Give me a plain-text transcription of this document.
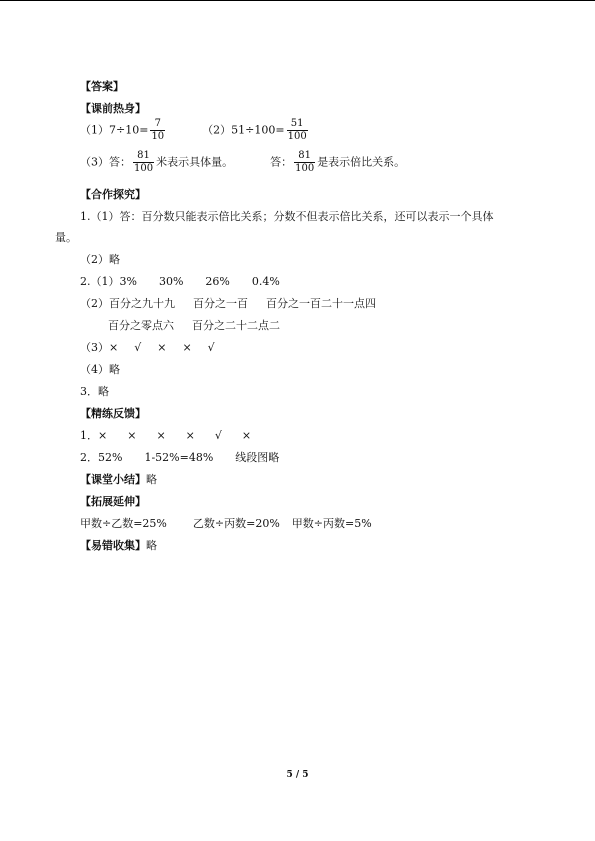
【答案】
【课前热身】
$(1)7\div 10= \frac{7}{10}$	$(2)51\div 100= \frac{51}{100}$
（3）答： $\frac{81}{100}$ 米表示具体量。	答： $\frac{81}{100}$ 是表示倍比关系。
【合作探究】
1.（1）答：百分数只能表示倍比关系；分数不但表示倍比关系，还可以表示一个具体
量。
（2）略
2.（1）3% 30% 26% 0.4%
（2）百分之九十九 百分之一百 百分之一百二十一点四
百分之零点六 百分之二十二点二
（3）× √ × × √
（4）略
3．略
【精练反馈】
1．× × × × √ ×
2．52% 1-52%=48% 线段图略
【课堂小结】略
【拓展延伸】
甲数÷乙数=25% 乙数÷丙数=20% 甲数÷丙数=5%
【易错收集】略
5 / 5
